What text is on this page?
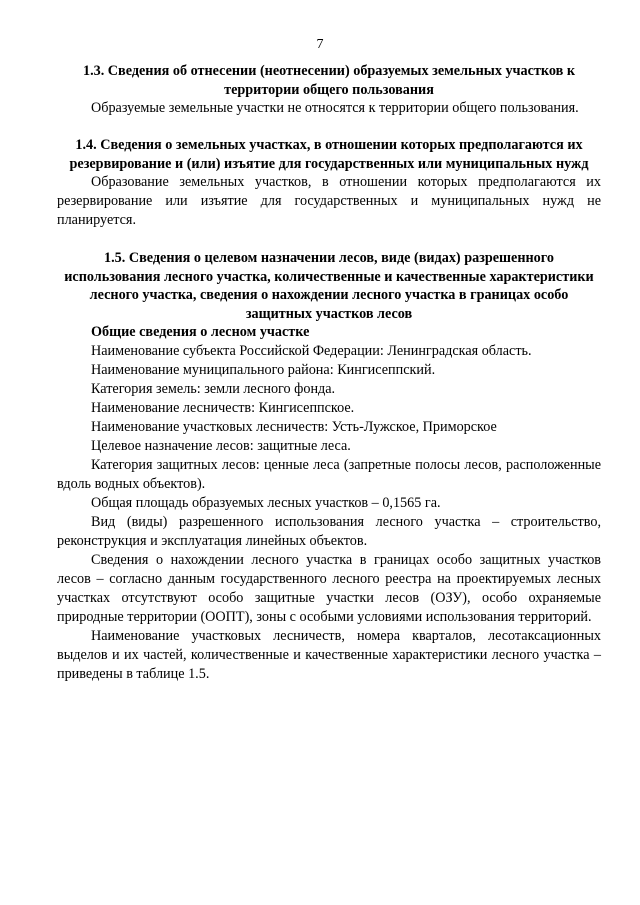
7

1.3. Сведения об отнесении (неотнесении) образуемых земельных участков к территории общего пользования

Образуемые земельные участки не относятся к территории общего пользования.

1.4. Сведения о земельных участках, в отношении которых предполагаются их резервирование и (или) изъятие для государственных или муниципальных нужд

Образование земельных участков, в отношении которых предполагаются их резервирование или изъятие для государственных и муниципальных нужд не планируется.

1.5. Сведения о целевом назначении лесов, виде (видах) разрешенного использования лесного участка, количественные и качественные характеристики лесного участка, сведения о нахождении лесного участка в границах особо защитных участков лесов

Общие сведения о лесном участке

Наименование субъекта Российской Федерации: Ленинградская область.

Наименование муниципального района: Кингисеппский.

Категория земель: земли лесного фонда.

Наименование лесничеств: Кингисеппское.

Наименование участковых лесничеств: Усть-Лужское, Приморское

Целевое назначение лесов: защитные леса.

Категория защитных лесов: ценные леса (запретные полосы лесов, расположенные вдоль водных объектов).

Общая площадь образуемых лесных участков – 0,1565 га.

Вид (виды) разрешенного использования лесного участка – строительство, реконструкция и эксплуатация линейных объектов.

Сведения о нахождении лесного участка в границах особо защитных участков лесов – согласно данным государственного лесного реестра на проектируемых лесных участках отсутствуют особо защитные участки лесов (ОЗУ), особо охраняемые природные территории (ООПТ), зоны с особыми условиями использования территорий.

Наименование участковых лесничеств, номера кварталов, лесотаксационных выделов и их частей, количественные и качественные характеристики лесного участка – приведены в таблице 1.5.
